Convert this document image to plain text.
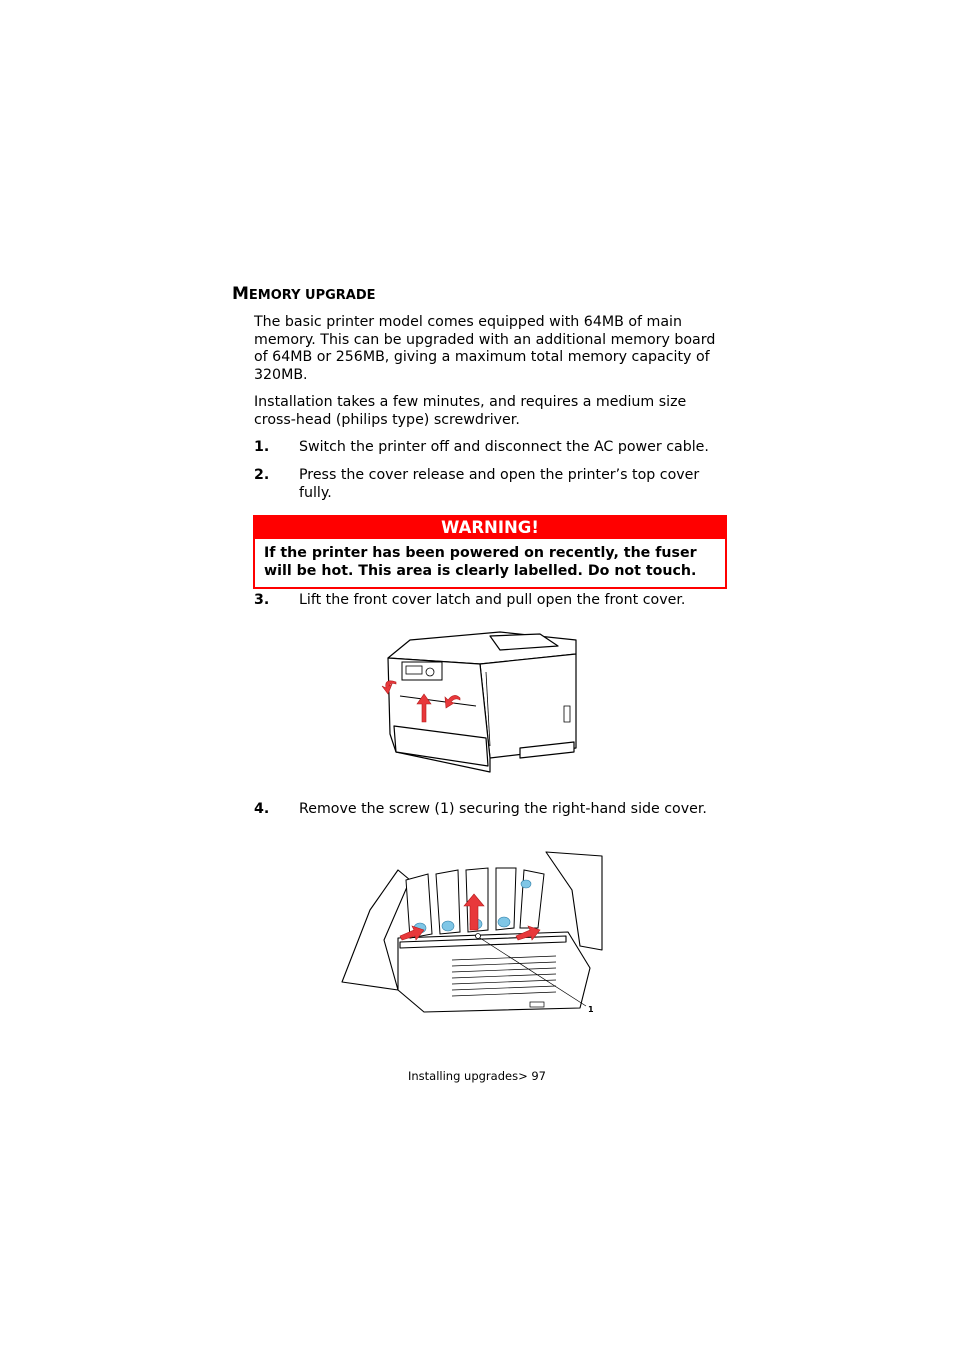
MEMORY UPGRADE
The basic printer model comes equipped with 64MB of main memory. This can be upgraded with an additional memory board of 64MB or 256MB, giving a maximum total memory capacity of 320MB.
Installation takes a few minutes, and requires a medium size cross-head (philips type) screwdriver.
1. Switch the printer off and disconnect the AC power cable.
2. Press the cover release and open the printer’s top cover fully.
WARNING!
If the printer has been powered on recently, the fuser will be hot. This area is clearly labelled. Do not touch.
3. Lift the front cover latch and pull open the front cover.
4. Remove the screw (1) securing the right-hand side cover.
1
Installing upgrades> 97
